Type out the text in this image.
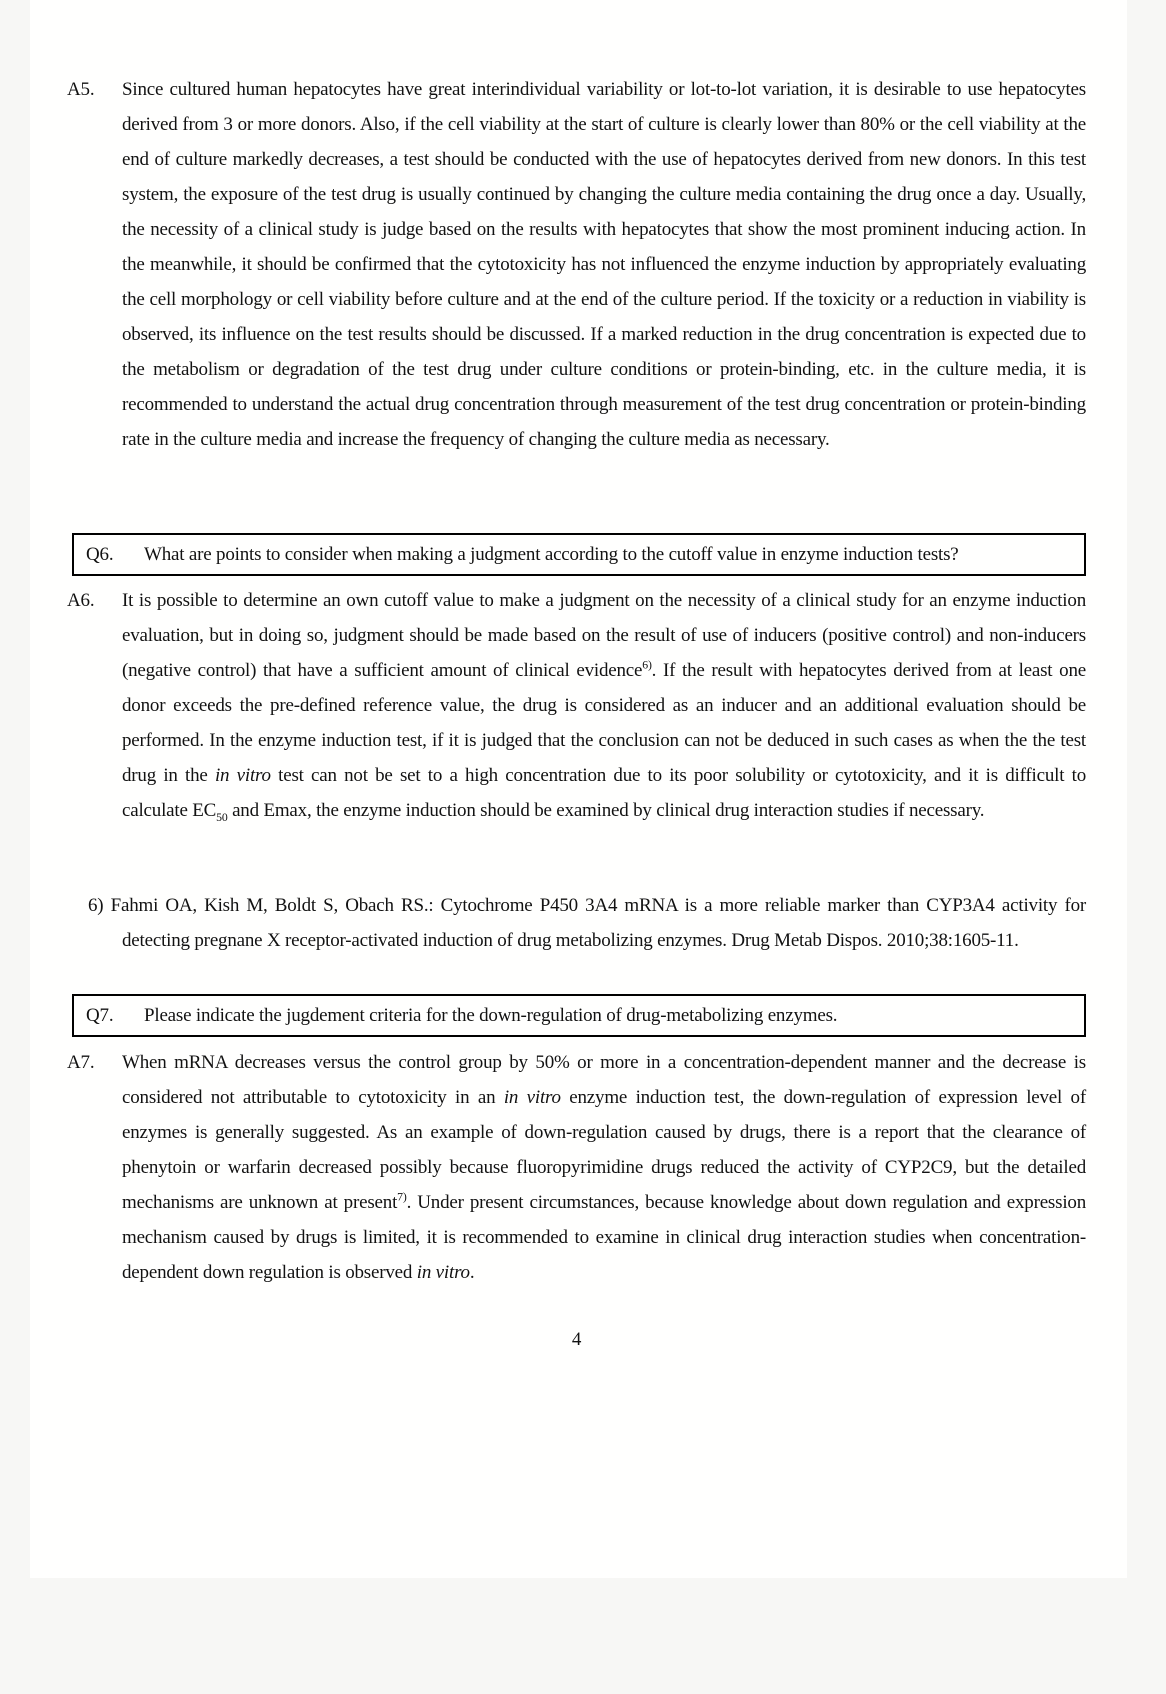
A5.	Since cultured human hepatocytes have great interindividual variability or lot-to-lot variation, it is desirable to use hepatocytes derived from 3 or more donors. Also, if the cell viability at the start of culture is clearly lower than 80% or the cell viability at the end of culture markedly decreases, a test should be conducted with the use of hepatocytes derived from new donors. In this test system, the exposure of the test drug is usually continued by changing the culture media containing the drug once a day. Usually, the necessity of a clinical study is judge based on the results with hepatocytes that show the most prominent inducing action. In the meanwhile, it should be confirmed that the cytotoxicity has not influenced the enzyme induction by appropriately evaluating the cell morphology or cell viability before culture and at the end of the culture period. If the toxicity or a reduction in viability is observed, its influence on the test results should be discussed. If a marked reduction in the drug concentration is expected due to the metabolism or degradation of the test drug under culture conditions or protein-binding, etc. in the culture media, it is recommended to understand the actual drug concentration through measurement of the test drug concentration or protein-binding rate in the culture media and increase the frequency of changing the culture media as necessary.

Q6.	What are points to consider when making a judgment according to the cutoff value in enzyme induction tests?

A6.	It is possible to determine an own cutoff value to make a judgment on the necessity of a clinical study for an enzyme induction evaluation, but in doing so, judgment should be made based on the result of use of inducers (positive control) and non-inducers (negative control) that have a sufficient amount of clinical evidence$^{6)}$. If the result with hepatocytes derived from at least one donor exceeds the pre-defined reference value, the drug is considered as an inducer and an additional evaluation should be performed. In the enzyme induction test, if it is judged that the conclusion can not be deduced in such cases as when the the test drug in the in vitro test can not be set to a high concentration due to its poor solubility or cytotoxicity, and it is difficult to calculate $EC_{50}$ and Emax, the enzyme induction should be examined by clinical drug interaction studies if necessary.

6) Fahmi OA, Kish M, Boldt S, Obach RS.: Cytochrome P450 3A4 mRNA is a more reliable marker than CYP3A4 activity for detecting pregnane X receptor-activated induction of drug metabolizing enzymes. Drug Metab Dispos. 2010;38:1605-11.

Q7.	Please indicate the jugdement criteria for the down-regulation of drug-metabolizing enzymes.

A7.	When mRNA decreases versus the control group by 50% or more in a concentration-dependent manner and the decrease is considered not attributable to cytotoxicity in an in vitro enzyme induction test, the down-regulation of expression level of enzymes is generally suggested. As an example of down-regulation caused by drugs, there is a report that the clearance of phenytoin or warfarin decreased possibly because fluoropyrimidine drugs reduced the activity of CYP2C9, but the detailed mechanisms are unknown at present$^{7)}$. Under present circumstances, because knowledge about down regulation and expression mechanism caused by drugs is limited, it is recommended to examine in clinical drug interaction studies when concentration-dependent down regulation is observed in vitro.

4
